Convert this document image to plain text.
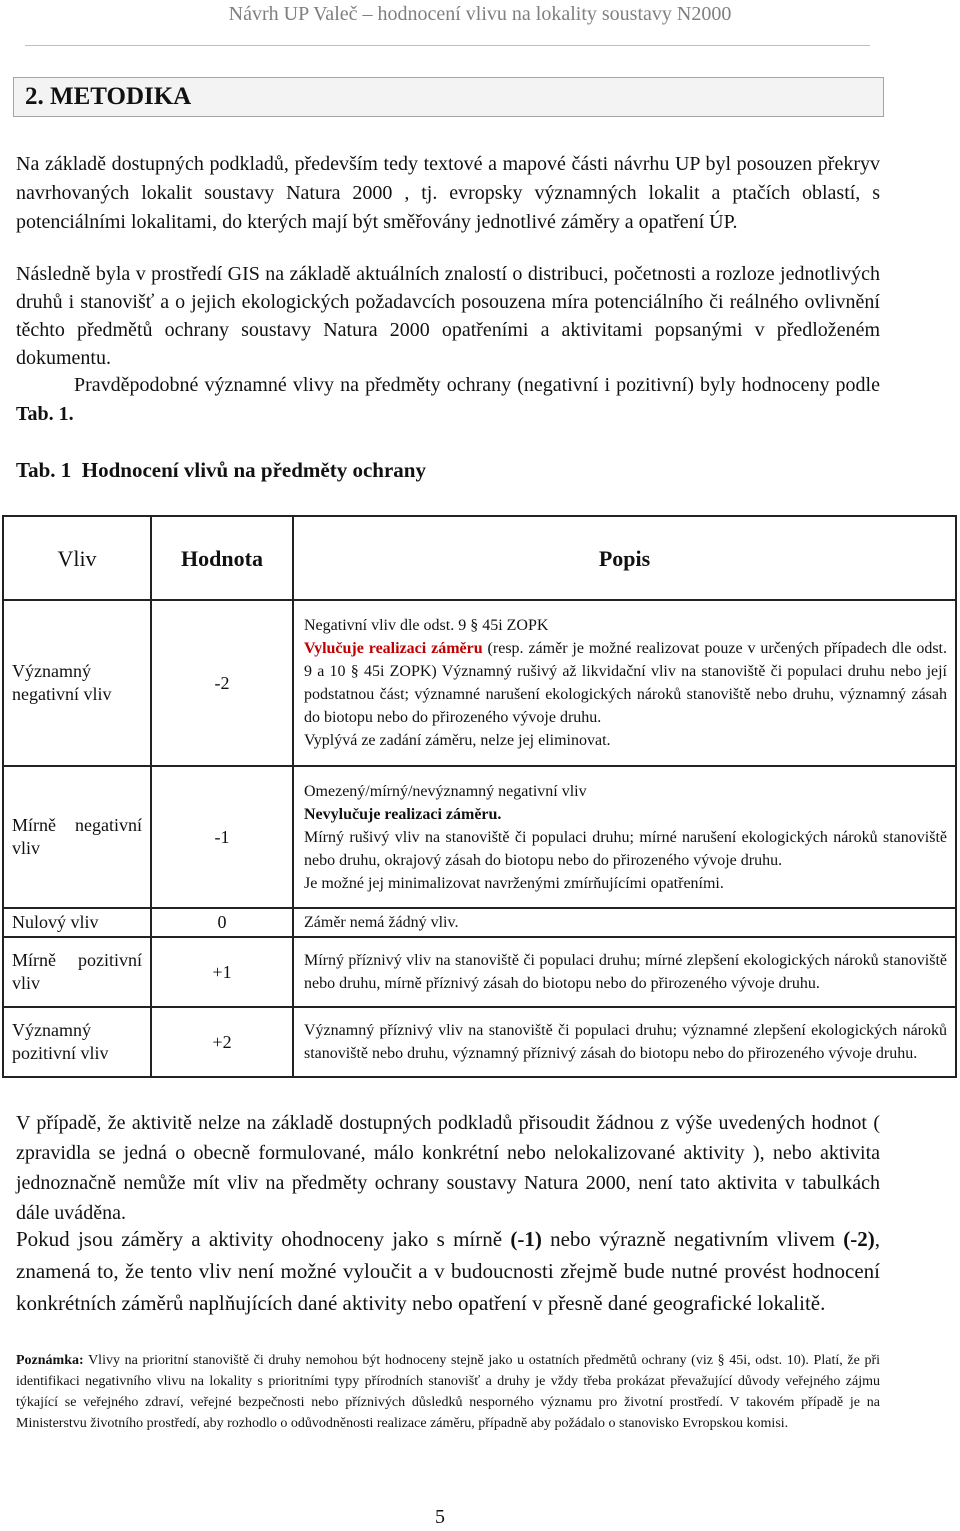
Návrh UP Valeč – hodnocení vlivu na lokality soustavy N2000
2. METODIKA
Na základě dostupných podkladů, především tedy textové a mapové části návrhu UP byl posouzen překryv navrhovaných lokalit soustavy Natura 2000 , tj. evropsky významných lokalit a ptačích oblastí, s potenciálními lokalitami, do kterých mají být směřovány jednotlivé záměry a opatření ÚP.
Následně byla v prostředí GIS na základě aktuálních znalostí o distribuci, početnosti a rozloze jednotlivých druhů i stanovišť a o jejich ekologických požadavcích posouzena míra potenciálního či reálného ovlivnění těchto předmětů ochrany soustavy Natura 2000 opatřeními a aktivitami popsanými v předloženém dokumentu.
Pravděpodobné významné vlivy na předměty ochrany (negativní i pozitivní) byly hodnoceny podle Tab. 1.
Tab. 1 Hodnocení vlivů na předměty ochrany
Vliv	Hodnota	Popis
Významný
negativní vliv	-2	Negativní vliv dle odst. 9 § 45i ZOPK
Vylučuje realizaci záměru (resp. záměr je možné realizovat pouze v určených případech dle odst. 9 a 10 § 45i ZOPK) Významný rušivý až likvidační vliv na stanoviště či populaci druhu nebo její podstatnou část; významné narušení ekologických nároků stanoviště nebo druhu, významný zásah do biotopu nebo do přirozeného vývoje druhu.
Vyplývá ze zadání záměru, nelze jej eliminovat.

Mírně negativní
vliv	-1	Omezený/mírný/nevýznamný negativní vliv
Nevylučuje realizaci záměru.
Mírný rušivý vliv na stanoviště či populaci druhu; mírné narušení ekologických nároků stanoviště nebo druhu, okrajový zásah do biotopu nebo do přirozeného vývoje druhu.
Je možné jej minimalizovat navrženými zmírňujícími opatřeními.
Nulový vliv	0	Záměr nemá žádný vliv.

Mírně pozitivní
vliv	+1	Mírný příznivý vliv na stanoviště či populaci druhu; mírné zlepšení ekologických nároků stanoviště nebo druhu, mírně příznivý zásah do biotopu nebo do přirozeného vývoje druhu.
Významný
pozitivní vliv	+2	Významný příznivý vliv na stanoviště či populaci druhu; významné zlepšení ekologických nároků stanoviště nebo druhu, významný příznivý zásah do biotopu nebo do přirozeného vývoje druhu.
V případě, že aktivitě nelze na základě dostupných podkladů přisoudit žádnou z výše uvedených hodnot ( zpravidla se jedná o obecně formulované, málo konkrétní nebo nelokalizované aktivity ), nebo aktivita jednoznačně nemůže mít vliv na předměty ochrany soustavy Natura 2000, není tato aktivita v tabulkách dále uváděna.
Pokud jsou záměry a aktivity ohodnoceny jako s mírně (-1) nebo výrazně negativním vlivem (-2), znamená to, že tento vliv není možné vyloučit a v budoucnosti zřejmě bude nutné provést hodnocení konkrétních záměrů naplňujících dané aktivity nebo opatření v přesně dané geografické lokalitě.
Poznámka: Vlivy na prioritní stanoviště či druhy nemohou být hodnoceny stejně jako u ostatních předmětů ochrany (viz § 45i, odst. 10). Platí, že při identifikaci negativního vlivu na lokality s prioritními typy přírodních stanovišť a druhy je vždy třeba prokázat převažující důvody veřejného zájmu týkající se veřejného zdraví, veřejné bezpečnosti nebo příznivých důsledků nesporného významu pro životní prostředí. V takovém případě je na Ministerstvu životního prostředí, aby rozhodlo o odůvodněnosti realizace záměru, případně aby požádalo o stanovisko Evropskou komisi.
5
